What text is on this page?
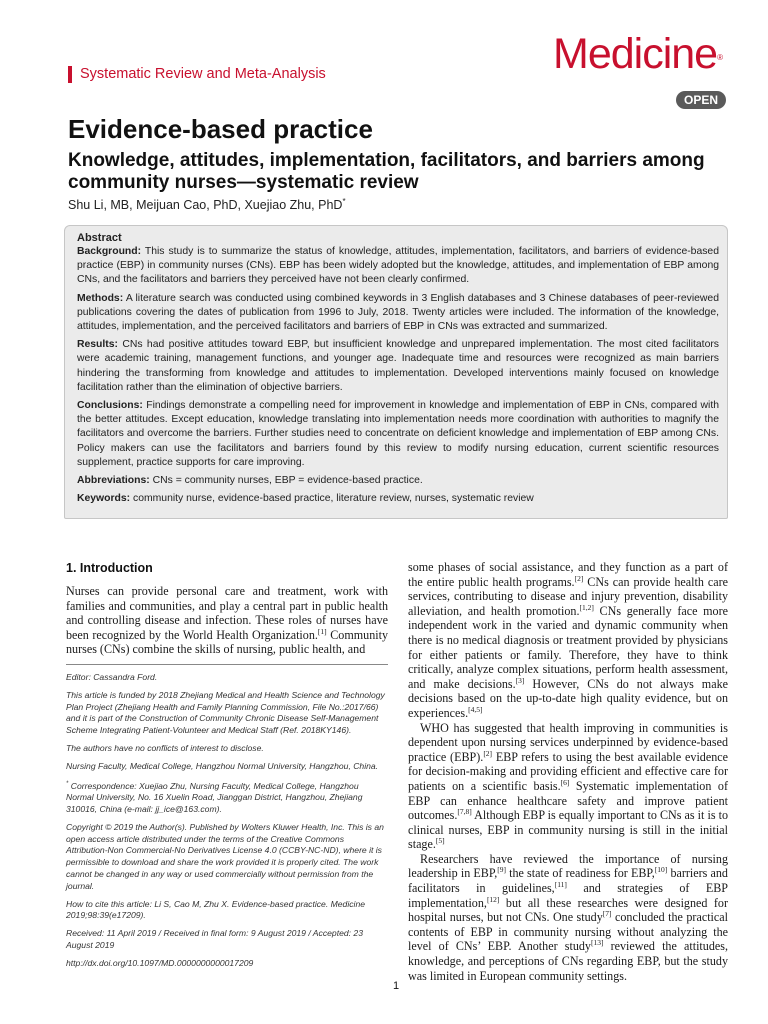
Systematic Review and Meta-Analysis	Medicine®
OPEN
Evidence-based practice
Knowledge, attitudes, implementation, facilitators, and barriers among community nurses—systematic review
Shu Li, MB, Meijuan Cao, PhD, Xuejiao Zhu, PhD*
Abstract

Background: This study is to summarize the status of knowledge, attitudes, implementation, facilitators, and barriers of evidence-based practice (EBP) in community nurses (CNs). EBP has been widely adopted but the knowledge, attitudes, and implementation of EBP among CNs, and the facilitators and barriers they perceived have not been clearly confirmed.

Methods: A literature search was conducted using combined keywords in 3 English databases and 3 Chinese databases of peer-reviewed publications covering the dates of publication from 1996 to July, 2018. Twenty articles were included. The information of the knowledge, attitudes, implementation, and the perceived facilitators and barriers of EBP in CNs was extracted and summarized.

Results: CNs had positive attitudes toward EBP, but insufficient knowledge and unprepared implementation. The most cited facilitators were academic training, management functions, and younger age. Inadequate time and resources were recognized as main barriers hindering the transforming from knowledge and attitudes to implementation. Developed interventions mainly focused on knowledge facilitation rather than the elimination of objective barriers.

Conclusions: Findings demonstrate a compelling need for improvement in knowledge and implementation of EBP in CNs, compared with the better attitudes. Except education, knowledge translating into implementation needs more coordination with authorities to magnify the facilitators and overcome the barriers. Further studies need to concentrate on deficient knowledge and implementation of EBP among CNs. Policy makers can use the facilitators and barriers found by this review to modify nursing education, current scientific resources supplement, practice supports for care improving.

Abbreviations: CNs = community nurses, EBP = evidence-based practice.

Keywords: community nurse, evidence-based practice, literature review, nurses, systematic review

1. Introduction

Nurses can provide personal care and treatment, work with families and communities, and play a central part in public health and controlling disease and infection. These roles of nurses have been recognized by the World Health Organization.[1] Community nurses (CNs) combine the skills of nursing, public health, and

Editor: Cassandra Ford.

This article is funded by 2018 Zhejiang Medical and Health Science and Technology Plan Project (Zhejiang Health and Family Planning Commission, File No.:2017/66) and it is part of the Construction of Community Chronic Disease Self-Management Scheme Integrating Patient-Volunteer and Medical Staff (Ref. 2018KY146).

The authors have no conflicts of interest to disclose.

Nursing Faculty, Medical College, Hangzhou Normal University, Hangzhou, China.

* Correspondence: Xuejiao Zhu, Nursing Faculty, Medical College, Hangzhou Normal University, No. 16 Xuelin Road, Jianggan District, Hangzhou, Zhejiang 310016, China (e-mail: jj_ice@163.com).

Copyright © 2019 the Author(s). Published by Wolters Kluwer Health, Inc. This is an open access article distributed under the terms of the Creative Commons Attribution-Non Commercial-No Derivatives License 4.0 (CCBY-NC-ND), where it is permissible to download and share the work provided it is properly cited. The work cannot be changed in any way or used commercially without permission from the journal.

How to cite this article: Li S, Cao M, Zhu X. Evidence-based practice. Medicine 2019;98:39(e17209).

Received: 11 April 2019 / Received in final form: 9 August 2019 / Accepted: 23 August 2019

http://dx.doi.org/10.1097/MD.0000000000017209

some phases of social assistance, and they function as a part of the entire public health programs.[2] CNs can provide health care services, contributing to disease and injury prevention, disability alleviation, and health promotion.[1,2] CNs generally face more independent work in the varied and dynamic community when there is no medical diagnosis or treatment provided by physicians for either patients or family. Therefore, they have to think critically, analyze complex situations, perform health assessment, and make decisions.[3] However, CNs do not always make decisions based on the up-to-date high quality evidence, but on experiences.[4,5]

WHO has suggested that health improving in communities is dependent upon nursing services underpinned by evidence-based practice (EBP).[2] EBP refers to using the best available evidence for decision-making and providing efficient and effective care for patients on a scientific basis.[6] Systematic implementation of EBP can enhance healthcare safety and improve patient outcomes.[7,8] Although EBP is equally important to CNs as it is to clinical nurses, EBP in community nursing is still in the initial stage.[5]

Researchers have reviewed the importance of nursing leadership in EBP,[9] the state of readiness for EBP,[10] barriers and facilitators in guidelines,[11] and strategies of EBP implementation,[12] but all these researches were designed for hospital nurses, but not CNs. One study[7] concluded the practical contents of EBP in community nursing without analyzing the level of CNs’ EBP. Another study[13] reviewed the attitudes, knowledge, and perceptions of CNs regarding EBP, but the study was limited in European community settings.

1
